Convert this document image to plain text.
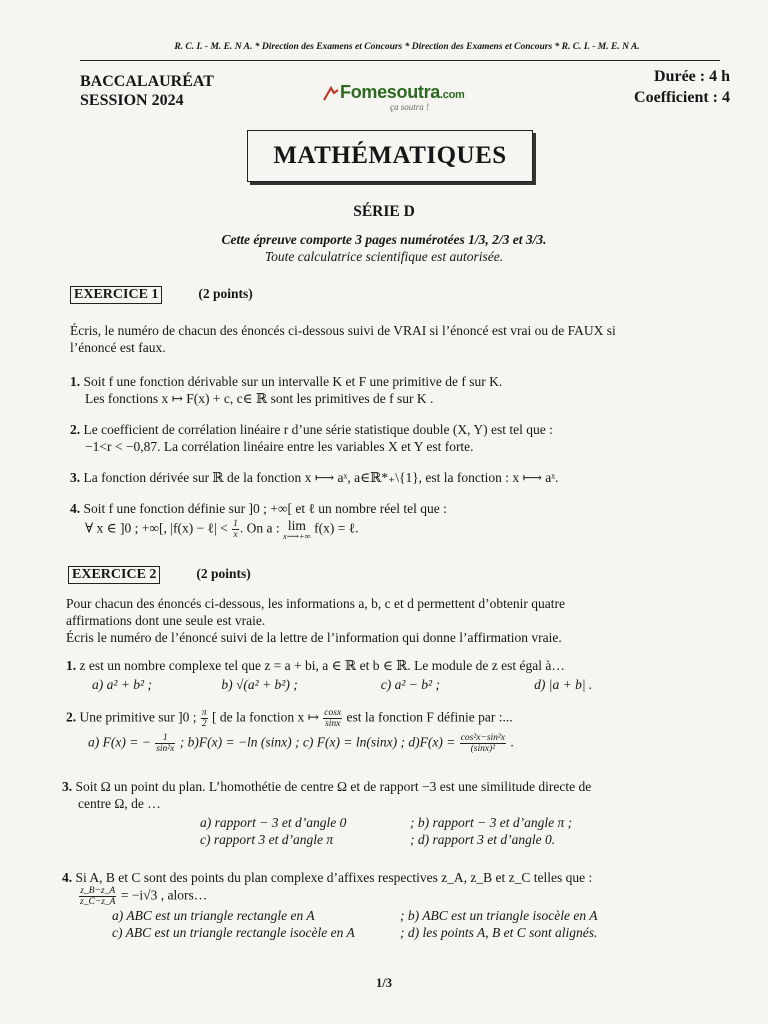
R. C. I. - M. E. N A. * Direction des Examens et Concours * Direction des Examens et Concours * R. C. I. - M. E. N A.
BACCALAURÉAT
SESSION 2024	Fomesoutra.com
ça soutra !
Durée : 4 h
Coefficient : 4
MATHÉMATIQUES
SÉRIE D
Cette épreuve comporte 3 pages numérotées 1/3, 2/3 et 3/3.
Toute calculatrice scientifique est autorisée.
EXERCICE 1	(2 points)
Écris, le numéro de chacun des énoncés ci-dessous suivi de VRAI si l’énoncé est vrai ou de FAUX si
l’énoncé est faux.
1. Soit f une fonction dérivable sur un intervalle K et F une primitive de f sur K.
Les fonctions x ↦ F(x) + c, c∈ ℝ sont les primitives de f sur K .
2. Le coefficient de corrélation linéaire r d’une série statistique double (X, Y) est tel que :
−1<r < −0,87. La corrélation linéaire entre les variables X et Y est forte.
3. La fonction dérivée sur ℝ de la fonction x ⟼ aˣ, a∈ℝ*₊\{1}, est la fonction : x ⟼ aˣ.
4. Soit f une fonction définie sur ]0 ; +∞[ et ℓ un nombre réel tel que :
∀ x ∈ ]0 ; +∞[, |f(x) − ℓ| < $\frac{1}{x}$ . On a : lim
x⟶+∞
f(x) = ℓ.
EXERCICE 2	(2 points)
Pour chacun des énoncés ci-dessous, les informations a, b, c et d permettent d’obtenir quatre
affirmations dont une seule est vraie.
Écris le numéro de l’énoncé suivi de la lettre de l’information qui donne l’affirmation vraie.
1. z est un nombre complexe tel que z = a + bi, a ∈ ℝ et b ∈ ℝ. Le module de z est égal à…
a) a² + b² ;	b) √(a² + b²) ;	c) a² − b² ;	d) |a + b| .
2. Une primitive sur ]0 ; $\frac{\pi}{2}$ [ de la fonction x ↦ $\frac{\cos x}{\sin x}$ est la fonction F définie par :...
a) F(x) = − $\frac{1}{\text{sin²x}}$ ; b)F(x) = −ln (sinx) ; c) F(x) = ln(sinx) ; $d)F(x) = \frac{\text{cos²x−sin²x}}{\text{(sinx)²}}$ .
3. Soit Ω un point du plan. L’homothétie de centre Ω et de rapport −3 est une similitude directe de
centre Ω, de …
a) rapport − 3 et d’angle 0	; b) rapport − 3 et d’angle π ;
c) rapport 3 et d’angle π	; d) rapport 3 et d’angle 0.
4. Si A, B et C sont des points du plan complexe d’affixes respectives z_A, z_B et z_C telles que :
$\frac{z\_B-z\_A}{z\_C-z\_A} = -i√3$ , alors…
a) ABC est un triangle rectangle en A	; b) ABC est un triangle isocèle en A
c) ABC est un triangle rectangle isocèle en A	; d) les points A, B et C sont alignés.
1/3
